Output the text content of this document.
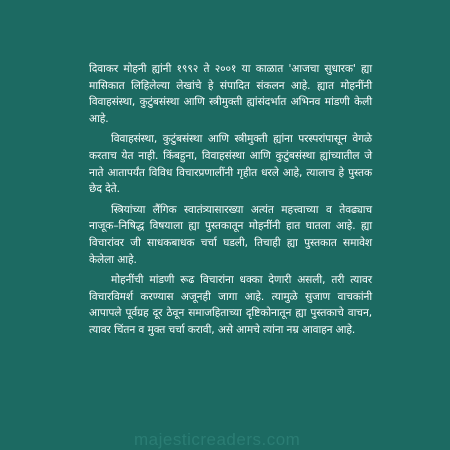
दिवाकर मोहनी ह्यांनी १९९२ ते २००१ या काळात 'आजचा सुधारक' ह्या मासिकात लिहिलेल्या लेखांचे हे संपादित संकलन आहे. ह्यात मोहनींनी विवाहसंस्था, कुटुंबसंस्था आणि स्त्रीमुक्ती ह्यांसंदर्भात अभिनव मांडणी केली आहे.

विवाहसंस्था, कुटुंबसंस्था आणि स्त्रीमुक्ती ह्यांना परस्परांपासून वेगळे करताच येत नाही. किंबहुना, विवाहसंस्था आणि कुटुंबसंस्था ह्यांच्यातील जे नाते आतापर्यंत विविध विचारप्रणालींनी गृहीत धरले आहे, त्यालाच हे पुस्तक छेद देते.

स्त्रियांच्या लैंगिक स्वातंत्र्यासारख्या अत्यंत महत्त्वाच्या व तेवढ्याच नाजूक–निषिद्ध विषयाला ह्या पुस्तकातून मोहनींनी हात घातला आहे. ह्या विचारांवर जी साधकबाधक चर्चा घडली, तिचाही ह्या पुस्तकात समावेश केलेला आहे.

मोहनींची मांडणी रूढ विचारांना धक्का देणारी असली, तरी त्यावर विचारविमर्श करण्यास अजूनही जागा आहे. त्यामुळे सुजाण वाचकांनी आपापले पूर्वग्रह दूर ठेवून समाजहिताच्या दृष्टिकोनातून ह्या पुस्तकाचे वाचन, त्यावर चिंतन व मुक्त चर्चा करावी, असे आमचे त्यांना नम्र आवाहन आहे.

majesticreaders.com
